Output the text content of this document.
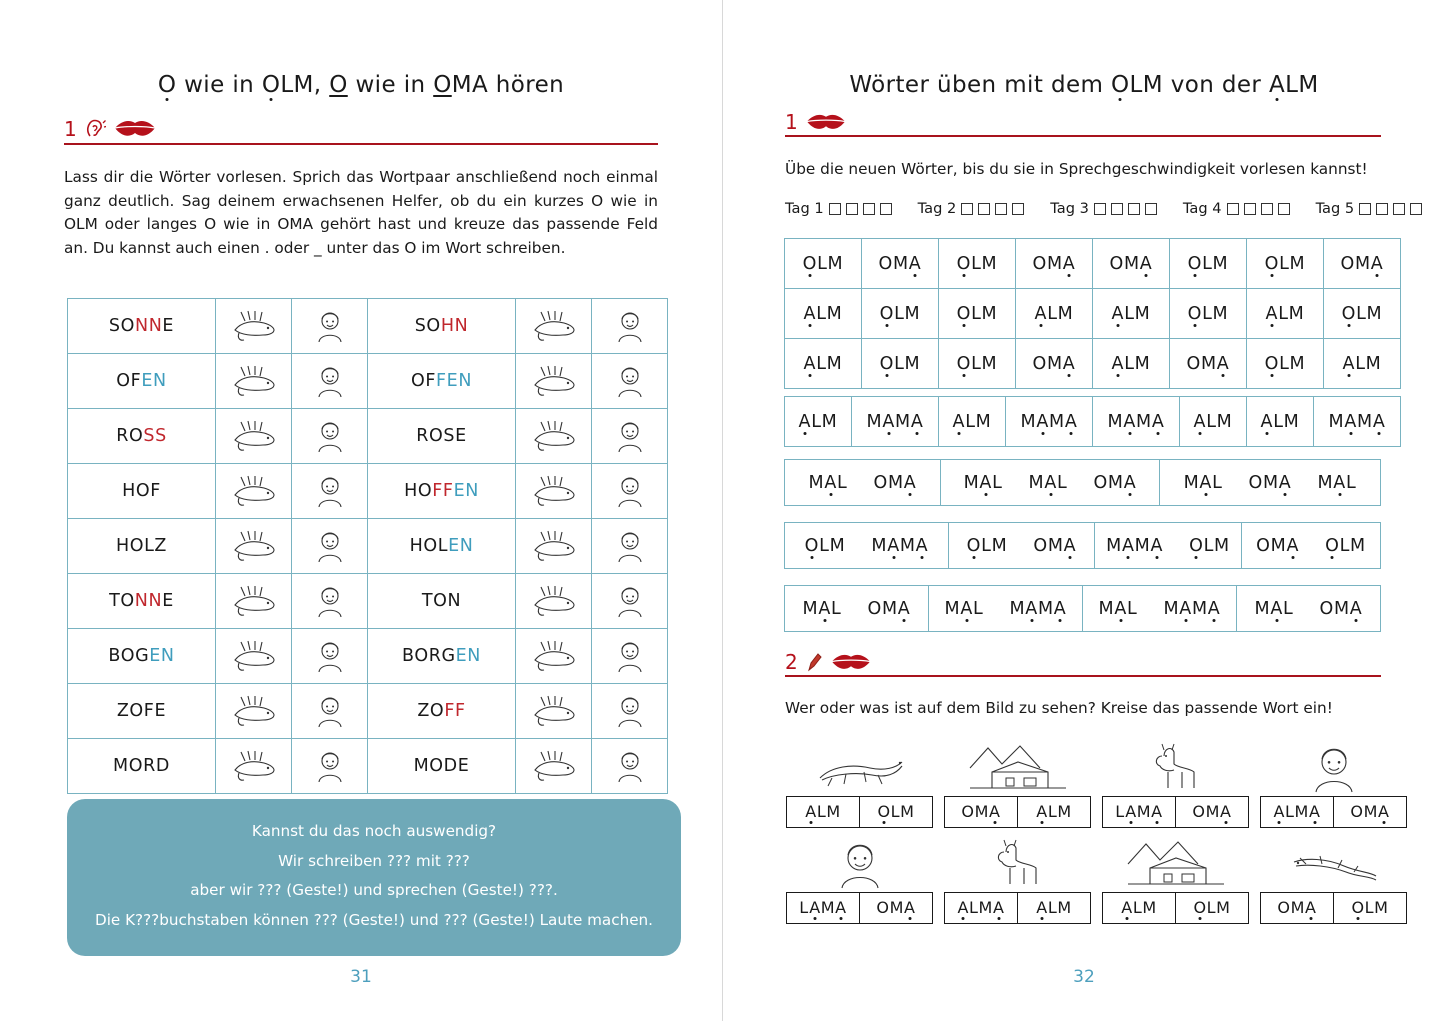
O wie in OLM, O wie in OMA hören
1
Lass dir die Wörter vorlesen. Sprich das Wortpaar anschließend noch einmal ganz deutlich. Sag deinem erwachsenen Helfer, ob du ein kurzes O wie in OLM oder langes O wie in OMA gehört hast und kreuze das passende Feld an. Du kannst auch einen . oder _ unter das O im Wort schreiben.
SONNE			SOHN	

OFEN			OFFEN	

ROSS			ROSE	

HOF			HOFFEN	

HOLZ			HOLEN	

TONNE			TON	

BOGEN			BORGEN	

ZOFE			ZOFF	

MORD			MODE	

Kannst du das noch auswendig?
Wir schreiben ??? mit ???
aber wir ??? (Geste!) und sprechen (Geste!) ???.
Die K???buchstaben können ??? (Geste!) und ??? (Geste!) Laute machen.
31
Wörter üben mit dem OLM von der ALM
1
Übe die neuen Wörter, bis du sie in Sprechgeschwindigkeit vorlesen kannst!
Tag 1	Tag 2	Tag 3	Tag 4	Tag 5
OLM	OMA	OLM	OMA	OMA	OLM	OLM	OMA
ALM	OLM	OLM	ALM	ALM	OLM	ALM	OLM
ALM	OLM	OLM	OMA	ALM	OMA	OLM	ALM
ALM	MAMA	ALM	MAMA	MAMA	ALM	ALM	MAMA
MAL OMA	MAL MAL OMA	MAL OMA MAL
OLM MAMA OLM OMA MAMA OLM OMA OLM
MAL OMA MAL MAMA MAL MAMA MAL OMA
2
Wer oder was ist auf dem Bild zu sehen? Kreise das passende Wort ein!
ALM	OLM	OMA	ALM	LAMA	OMA	ALMA	OMA
LAMA	OMA	ALMA	ALM	ALM	OLM	OMA	OLM
32
